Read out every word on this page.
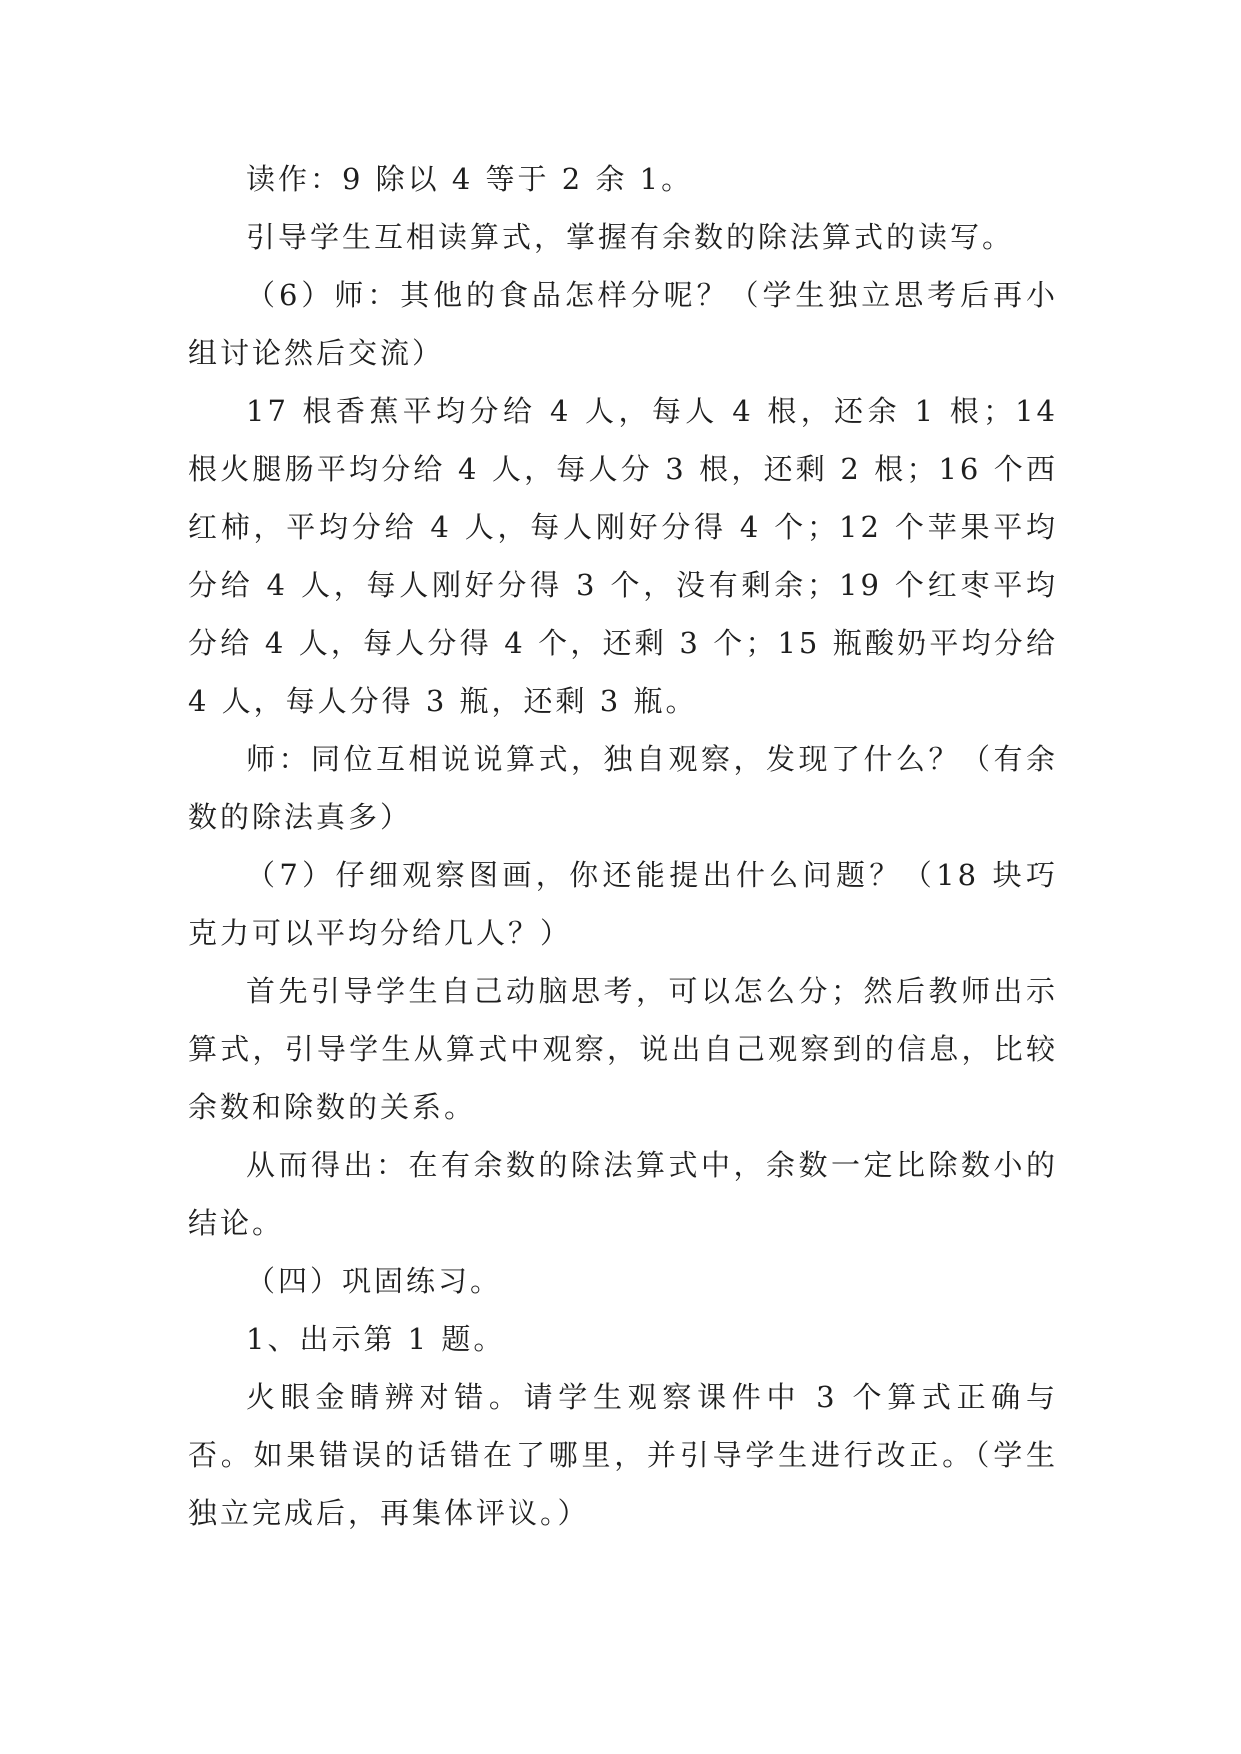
读作：9 除以 4 等于 2 余 1。

引导学生互相读算式，掌握有余数的除法算式的读写。

（6）师：其他的食品怎样分呢？（学生独立思考后再小组讨论然后交流）

17 根香蕉平均分给 4 人，每人 4 根，还余 1 根；14 根火腿肠平均分给 4 人，每人分 3 根，还剩 2 根；16 个西红柿，平均分给 4 人，每人刚好分得 4 个；12 个苹果平均分给 4 人，每人刚好分得 3 个，没有剩余；19 个红枣平均分给 4 人，每人分得 4 个，还剩 3 个；15 瓶酸奶平均分给 4 人，每人分得 3 瓶，还剩 3 瓶。

师：同位互相说说算式，独自观察，发现了什么？（有余数的除法真多）

（7）仔细观察图画，你还能提出什么问题？（18 块巧克力可以平均分给几人？）

首先引导学生自己动脑思考，可以怎么分；然后教师出示算式，引导学生从算式中观察，说出自己观察到的信息，比较余数和除数的关系。

从而得出：在有余数的除法算式中，余数一定比除数小的结论。

（四）巩固练习。

1、出示第 1 题。

火眼金睛辨对错。请学生观察课件中 3 个算式正确与否。如果错误的话错在了哪里，并引导学生进行改正。（学生独立完成后，再集体评议。）
